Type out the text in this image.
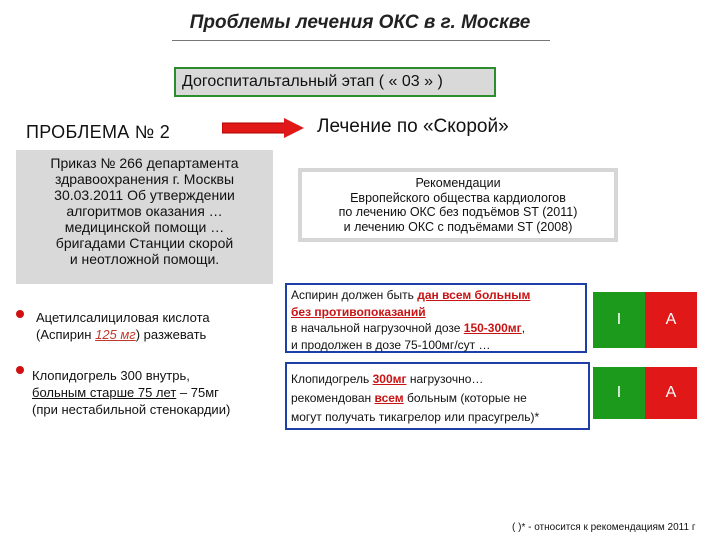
Проблемы лечения ОКС в г. Москве
Догоспитальтальный этап ( « 03 » )
ПРОБЛЕМА № 2	Лечение по «Скорой»
Приказ № 266 департамента
здравоохранения г. Москвы
30.03.2011 Об утверждении
алгоритмов оказания …
медицинской помощи …
бригадами Станции скорой
и неотложной помощи.
Рекомендации
Европейского общества кардиологов
по лечению ОКС без подъёмов ST (2011)
и лечению ОКС с подъёмами ST (2008)
Ацетилсалициловая кислота
(Аспирин 125 мг) разжевать
Клопидогрель 300 внутрь,
больным старше 75 лет – 75мг
(при нестабильной стенокардии)
Аспирин должен быть дан всем больным
без противопоказаний
в начальной нагрузочной дозе 150-300мг,
и продолжен в дозе 75-100мг/сут …
I	A
Клопидогрель 300мг нагрузочно…
рекомендован всем больным (которые не
могут получать тикагрелор или прасугрель)*
I	A
( )* - относится к рекомендациям 2011 г
